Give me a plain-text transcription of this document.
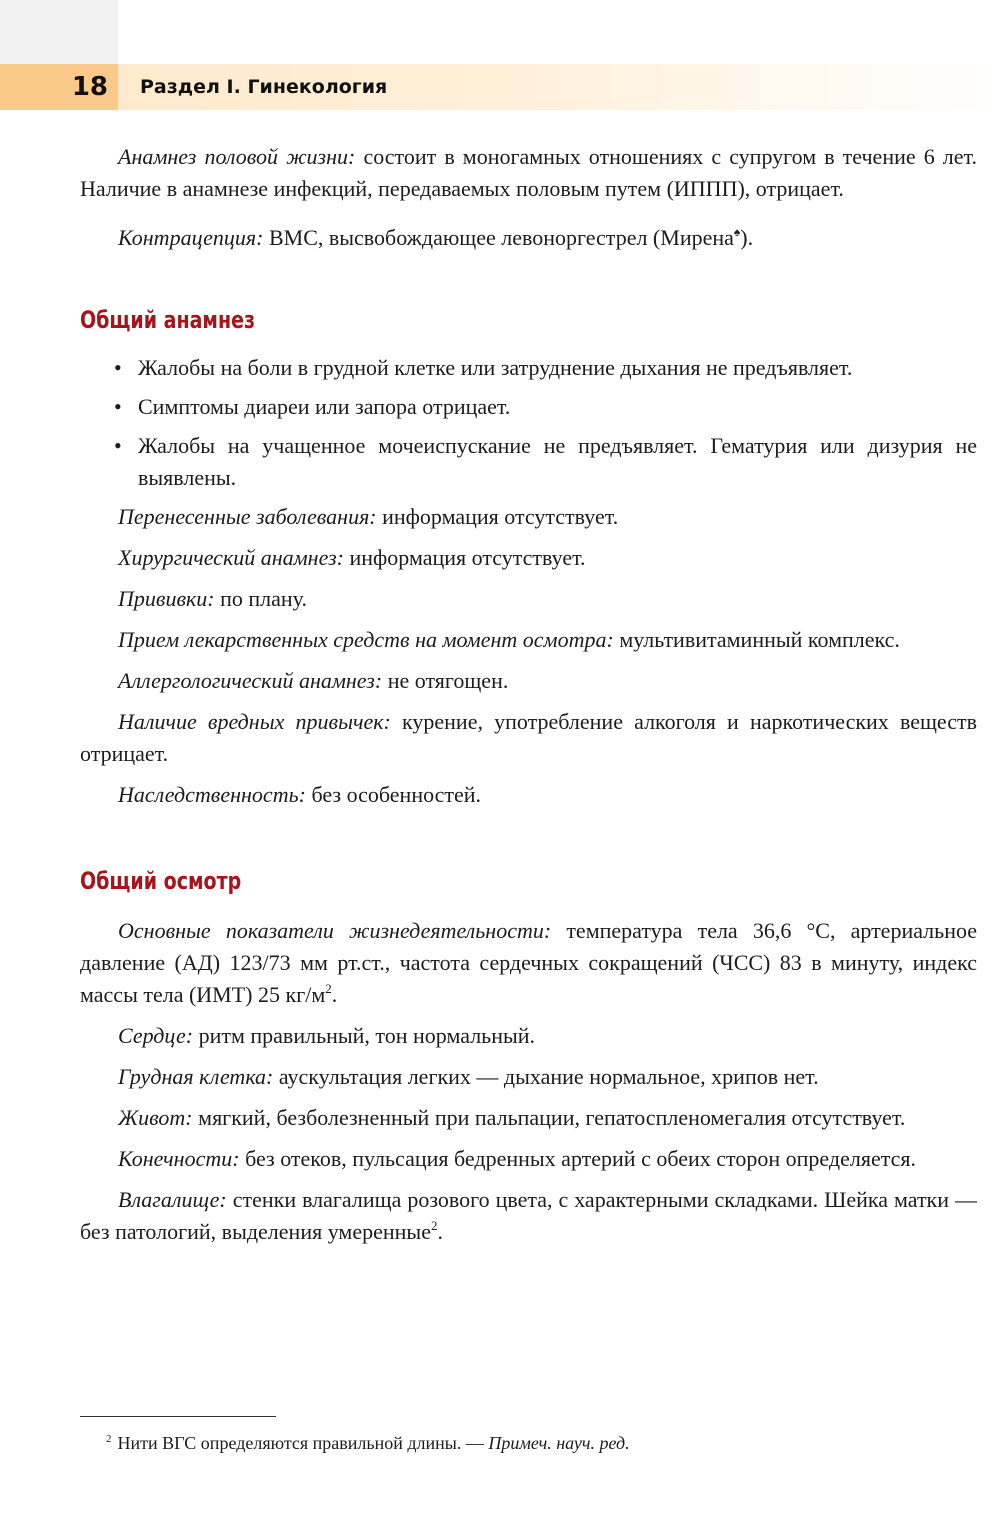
18	Раздел I. Гинекология

Анамнез половой жизни: состоит в моногамных отношениях с супругом в течение 6 лет. Наличие в анамнезе инфекций, передаваемых половым путем (ИППП), отрицает.

Контрацепция: ВМС, высвобождающее левоноргестрел (Мирена♠).

Общий анамнез
• Жалобы на боли в грудной клетке или затруднение дыхания не предъявляет.
• Симптомы диареи или запора отрицает.
• Жалобы на учащенное мочеиспускание не предъявляет. Гематурия или дизурия не выявлены.

Перенесенные заболевания: информация отсутствует.

Хирургический анамнез: информация отсутствует.

Прививки: по плану.

Прием лекарственных средств на момент осмотра: мультивитаминный комплекс.

Аллергологический анамнез: не отягощен.

Наличие вредных привычек: курение, употребление алкоголя и наркотических веществ отрицает.

Наследственность: без особенностей.

Общий осмотр

Основные показатели жизнедеятельности: температура тела 36,6 °С, артериальное давление (АД) 123/73 мм рт.ст., частота сердечных сокращений (ЧСС) 83 в минуту, индекс массы тела (ИМТ) 25 кг/м$^2$.

Сердце: ритм правильный, тон нормальный.

Грудная клетка: аускультация легких — дыхание нормальное, хрипов нет.

Живот: мягкий, безболезненный при пальпации, гепатоспленомегалия отсутствует.

Конечности: без отеков, пульсация бедренных артерий с обеих сторон определяется.

Влагалище: стенки влагалища розового цвета, с характерными складками. Шейка матки — без патологий, выделения умеренные$^2$.

$^2$ Нити ВГС определяются правильной длины. — Примеч. науч. ред.
